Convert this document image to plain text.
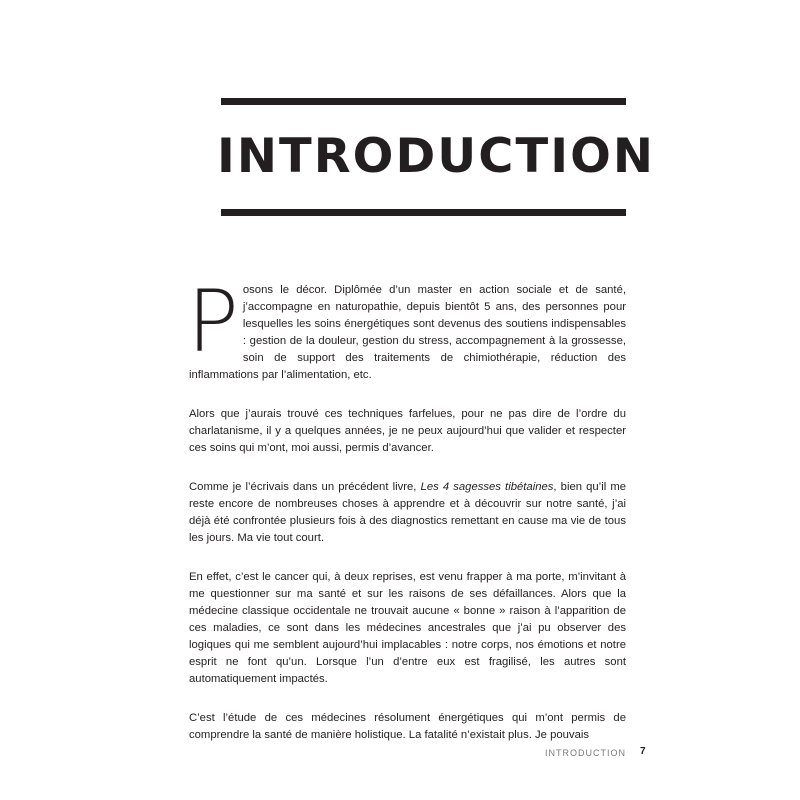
INTRODUCTION

Posons le décor. Diplômée d’un master en action sociale et de santé, j’accompagne en naturopathie, depuis bientôt 5 ans, des personnes pour lesquelles les soins énergétiques sont devenus des soutiens indispensables : gestion de la douleur, gestion du stress, accompagnement à la grossesse, soin de support des traitements de chimiothérapie, réduction des inflammations par l’alimentation, etc.

Alors que j’aurais trouvé ces techniques farfelues, pour ne pas dire de l’ordre du charlatanisme, il y a quelques années, je ne peux aujourd’hui que valider et respecter ces soins qui m’ont, moi aussi, permis d’avancer.

Comme je l’écrivais dans un précédent livre, Les 4 sagesses tibétaines, bien qu’il me reste encore de nombreuses choses à apprendre et à découvrir sur notre santé, j’ai déjà été confrontée plusieurs fois à des diagnostics remettant en cause ma vie de tous les jours. Ma vie tout court.

En effet, c’est le cancer qui, à deux reprises, est venu frapper à ma porte, m’invitant à me questionner sur ma santé et sur les raisons de ses défaillances. Alors que la médecine classique occidentale ne trouvait aucune « bonne » raison à l’apparition de ces maladies, ce sont dans les médecines ancestrales que j’ai pu observer des logiques qui me semblent aujourd’hui implacables : notre corps, nos émotions et notre esprit ne font qu’un. Lorsque l’un d’entre eux est fragilisé, les autres sont automatiquement impactés.

C’est l’étude de ces médecines résolument énergétiques qui m’ont permis de comprendre la santé de manière holistique. La fatalité n’existait plus. Je pouvais

INTRODUCTION 7
